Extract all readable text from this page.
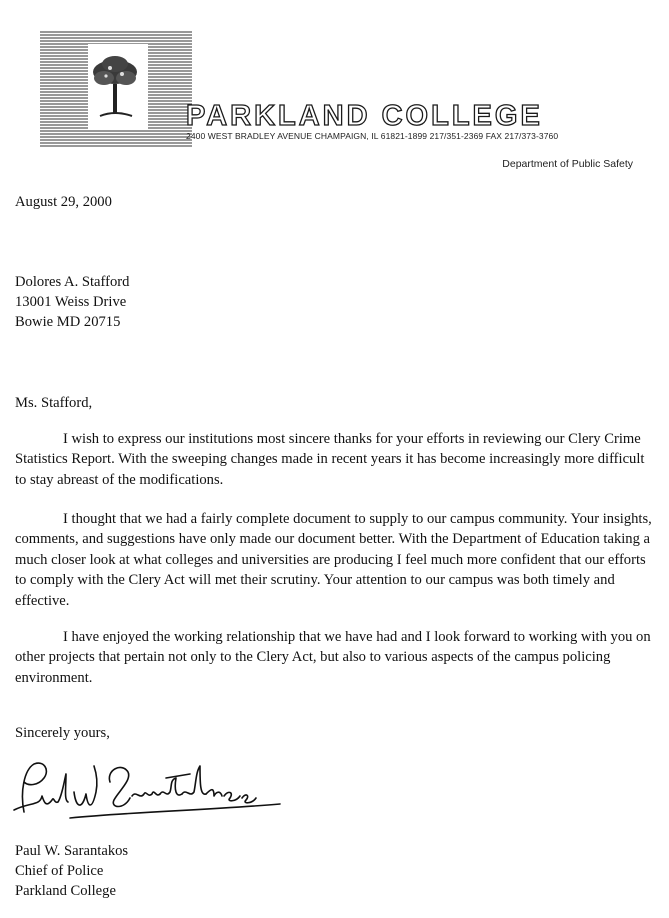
PARKLAND COLLEGE
2400 WEST BRADLEY AVENUE CHAMPAIGN, IL 61821-1899 217/351-2369 FAX 217/373-3760
Department of Public Safety
August 29, 2000
Dolores A. Stafford
13001 Weiss Drive
Bowie MD 20715
Ms. Stafford,

I wish to express our institutions most sincere thanks for your efforts in reviewing our Clery Crime Statistics Report. With the sweeping changes made in recent years it has become increasingly more difficult to stay abreast of the modifications.

I thought that we had a fairly complete document to supply to our campus community. Your insights, comments, and suggestions have only made our document better. With the Department of Education taking a much closer look at what colleges and universities are producing I feel much more confident that our efforts to comply with the Clery Act will met their scrutiny. Your attention to our campus was both timely and effective.

I have enjoyed the working relationship that we have had and I look forward to working with you on other projects that pertain not only to the Clery Act, but also to various aspects of the campus policing environment.

Sincerely yours,
Paul W. Sarantakos
Chief of Police
Parkland College
